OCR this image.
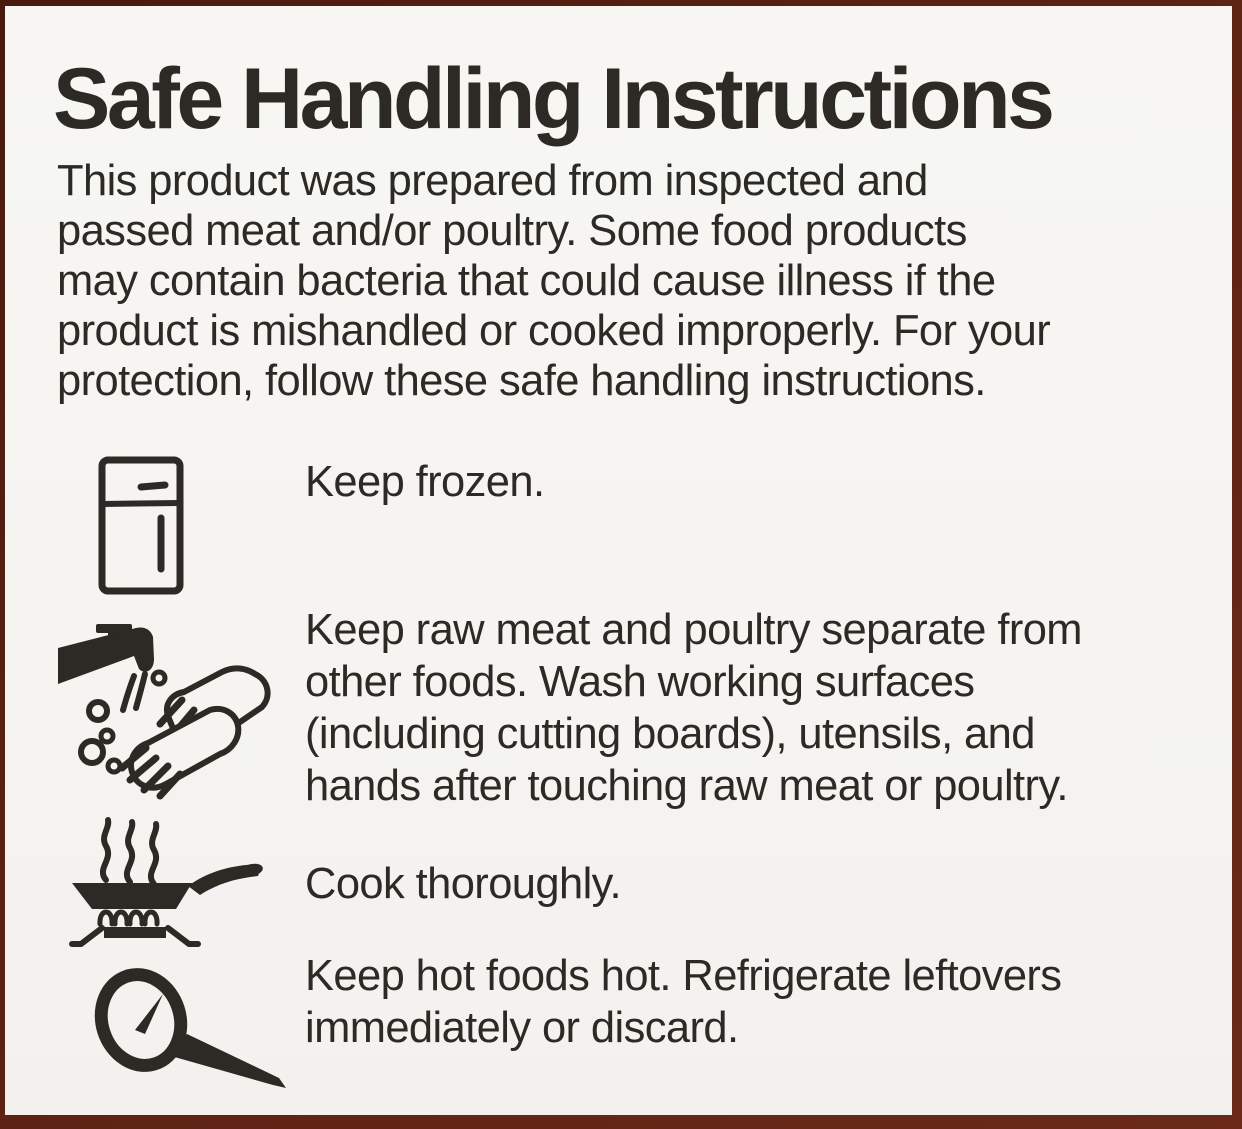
Safe Handling Instructions
This product was prepared from inspected and
passed meat and/or poultry. Some food products
may contain bacteria that could cause illness if the
product is mishandled or cooked improperly. For your
protection, follow these safe handling instructions.
Keep frozen.
Keep raw meat and poultry separate from
other foods. Wash working surfaces
(including cutting boards), utensils, and
hands after touching raw meat or poultry.
Cook thoroughly.
Keep hot foods hot. Refrigerate leftovers
immediately or discard.
